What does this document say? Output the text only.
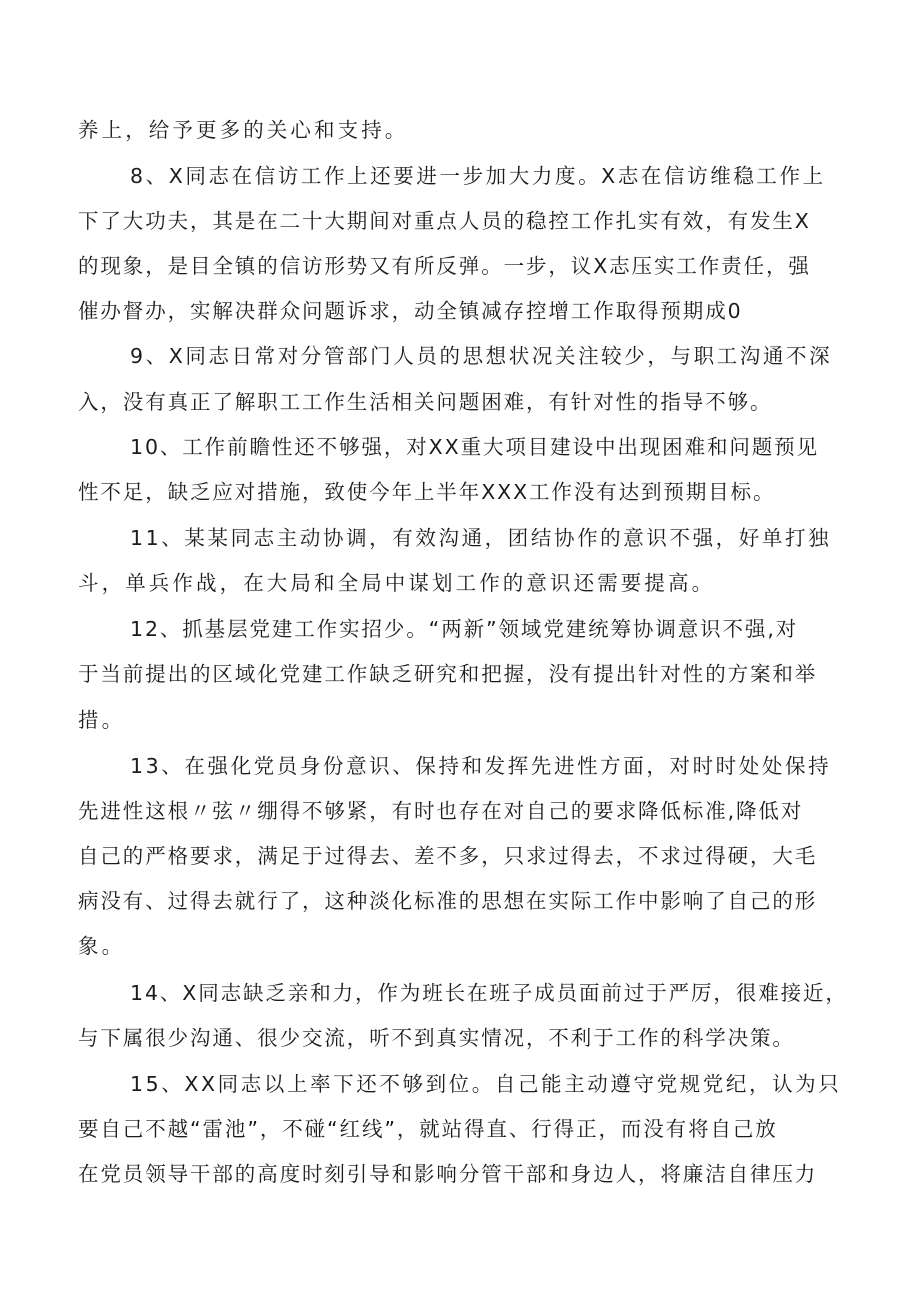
养上，给予更多的关心和支持。
8、X同志在信访工作上还要进一步加大力度。X志在信访维稳工作上
下了大功夫，其是在二十大期间对重点人员的稳控工作扎实有效，有发生X
的现象，是目全镇的信访形势又有所反弹。一步，议X志压实工作责任，强
催办督办，实解决群众问题诉求，动全镇减存控增工作取得预期成0
9、X同志日常对分管部门人员的思想状况关注较少，与职工沟通不深
入，没有真正了解职工工作生活相关问题困难，有针对性的指导不够。
10、工作前瞻性还不够强，对XX重大项目建设中出现困难和问题预见
性不足，缺乏应对措施，致使今年上半年XXX工作没有达到预期目标。
11、某某同志主动协调，有效沟通，团结协作的意识不强，好单打独
斗，单兵作战，在大局和全局中谋划工作的意识还需要提高。
12、抓基层党建工作实招少。“两新”领域党建统筹协调意识不强,对
于当前提出的区域化党建工作缺乏研究和把握，没有提出针对性的方案和举
措。
13、在强化党员身份意识、保持和发挥先进性方面，对时时处处保持
先进性这根〃弦〃绷得不够紧，有时也存在对自己的要求降低标准,降低对
自己的严格要求，满足于过得去、差不多，只求过得去，不求过得硬，大毛
病没有、过得去就行了，这种淡化标准的思想在实际工作中影响了自己的形
象。
14、X同志缺乏亲和力，作为班长在班子成员面前过于严厉，很难接近，
与下属很少沟通、很少交流，听不到真实情况，不利于工作的科学决策。
15、XX同志以上率下还不够到位。自己能主动遵守党规党纪，认为只
要自己不越“雷池”，不碰“红线”，就站得直、行得正，而没有将自己放
在党员领导干部的高度时刻引导和影响分管干部和身边人，将廉洁自律压力
